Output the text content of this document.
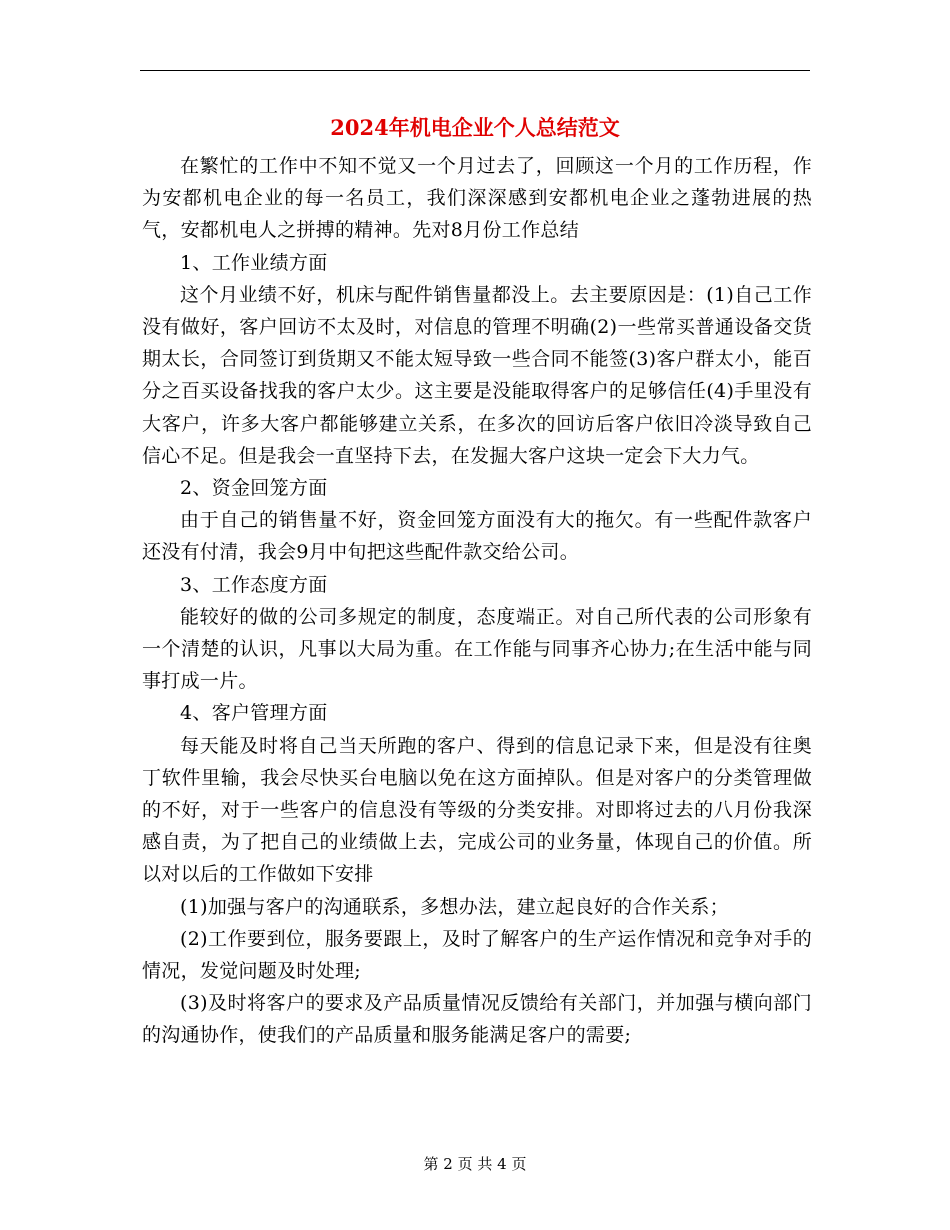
2024年机电企业个人总结范文

在繁忙的工作中不知不觉又一个月过去了，回顾这一个月的工作历程，作为安都机电企业的每一名员工，我们深深感到安都机电企业之蓬勃进展的热气，安都机电人之拼搏的精神。先对8月份工作总结

1、工作业绩方面

这个月业绩不好，机床与配件销售量都没上。去主要原因是：(1)自己工作没有做好，客户回访不太及时，对信息的管理不明确(2)一些常买普通设备交货期太长，合同签订到货期又不能太短导致一些合同不能签(3)客户群太小，能百分之百买设备找我的客户太少。这主要是没能取得客户的足够信任(4)手里没有大客户，许多大客户都能够建立关系，在多次的回访后客户依旧冷淡导致自己信心不足。但是我会一直坚持下去，在发掘大客户这块一定会下大力气。

2、资金回笼方面

由于自己的销售量不好，资金回笼方面没有大的拖欠。有一些配件款客户还没有付清，我会9月中旬把这些配件款交给公司。

3、工作态度方面

能较好的做的公司多规定的制度，态度端正。对自己所代表的公司形象有一个清楚的认识，凡事以大局为重。在工作能与同事齐心协力;在生活中能与同事打成一片。

4、客户管理方面

每天能及时将自己当天所跑的客户、得到的信息记录下来，但是没有往奥丁软件里输，我会尽快买台电脑以免在这方面掉队。但是对客户的分类管理做的不好，对于一些客户的信息没有等级的分类安排。对即将过去的八月份我深感自责，为了把自己的业绩做上去，完成公司的业务量，体现自己的价值。所以对以后的工作做如下安排

(1)加强与客户的沟通联系，多想办法，建立起良好的合作关系；

(2)工作要到位，服务要跟上，及时了解客户的生产运作情况和竞争对手的情况，发觉问题及时处理;

(3)及时将客户的要求及产品质量情况反馈给有关部门，并加强与横向部门的沟通协作，使我们的产品质量和服务能满足客户的需要;

第 2 页 共 4 页
